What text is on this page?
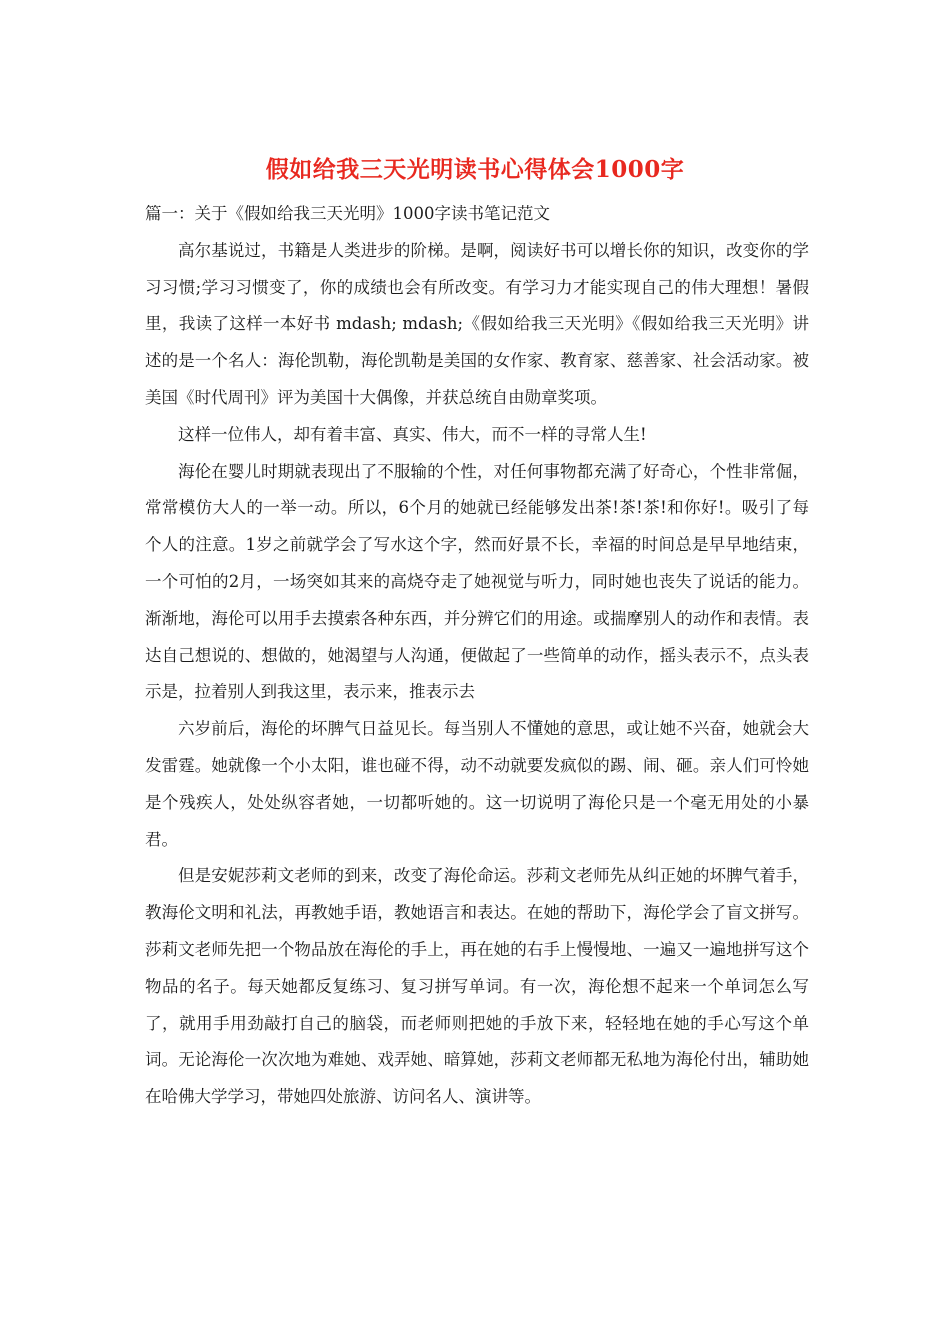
假如给我三天光明读书心得体会1000字

篇一：关于《假如给我三天光明》1000字读书笔记范文

高尔基说过，书籍是人类进步的阶梯。是啊，阅读好书可以增长你的知识，改变你的学习习惯;学习习惯变了，你的成绩也会有所改变。有学习力才能实现自己的伟大理想！暑假里，我读了这样一本好书 mdash; mdash;《假如给我三天光明》《假如给我三天光明》讲述的是一个名人：海伦凯勒，海伦凯勒是美国的女作家、教育家、慈善家、社会活动家。被美国《时代周刊》评为美国十大偶像，并获总统自由勋章奖项。

这样一位伟人，却有着丰富、真实、伟大，而不一样的寻常人生!

海伦在婴儿时期就表现出了不服输的个性，对任何事物都充满了好奇心，个性非常倔，常常模仿大人的一举一动。所以，6个月的她就已经能够发出茶!茶!茶!和你好!。吸引了每个人的注意。1岁之前就学会了写水这个字，然而好景不长，幸福的时间总是早早地结束，一个可怕的2月，一场突如其来的高烧夺走了她视觉与听力，同时她也丧失了说话的能力。渐渐地，海伦可以用手去摸索各种东西，并分辨它们的用途。或揣摩别人的动作和表情。表达自己想说的、想做的，她渴望与人沟通，便做起了一些简单的动作，摇头表示不，点头表示是，拉着别人到我这里，表示来，推表示去

六岁前后，海伦的坏脾气日益见长。每当别人不懂她的意思，或让她不兴奋，她就会大发雷霆。她就像一个小太阳，谁也碰不得，动不动就要发疯似的踢、闹、砸。亲人们可怜她是个残疾人，处处纵容者她，一切都听她的。这一切说明了海伦只是一个毫无用处的小暴君。

但是安妮莎莉文老师的到来，改变了海伦命运。莎莉文老师先从纠正她的坏脾气着手，教海伦文明和礼法，再教她手语，教她语言和表达。在她的帮助下，海伦学会了盲文拼写。莎莉文老师先把一个物品放在海伦的手上，再在她的右手上慢慢地、一遍又一遍地拼写这个物品的名子。每天她都反复练习、复习拼写单词。有一次，海伦想不起来一个单词怎么写了，就用手用劲敲打自己的脑袋，而老师则把她的手放下来，轻轻地在她的手心写这个单词。无论海伦一次次地为难她、戏弄她、暗算她，莎莉文老师都无私地为海伦付出，辅助她在哈佛大学学习，带她四处旅游、访问名人、演讲等。
